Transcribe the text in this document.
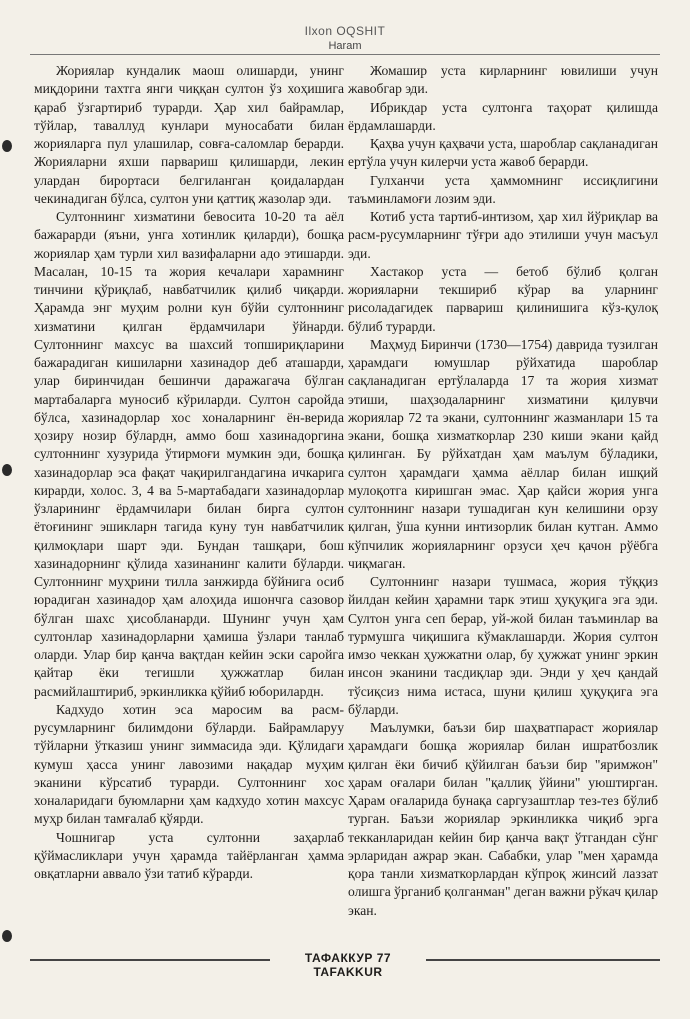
Ilxon OQSHIT
Haram

Жориялар кундалик маош олишарди, унинг миқдорини тахтга янги чиққан султон ўз хоҳишига қараб ўзгартириб турарди. Ҳар хил байрамлар, тўйлар, таваллуд кунлари муносабати билан жорияларга пул улашилар, совға-саломлар берарди. Жорияларни яхши парвариш қилишарди, лекин улардан бирортаси белгиланган қоидалардан чекинадиган бўлса, султон уни қаттиқ жазолар эди.

Султоннинг хизматини бевосита 10-20 та аёл бажарарди (яъни, унга хотинлик қиларди), бошқа жориялар ҳам турли хил вазифаларни адо этишарди. Масалан, 10-15 та жория кечалари харамнинг тинчини қўриқлаб, навбатчилик қилиб чиқарди. Ҳарамда энг муҳим ролни кун бўйи султоннинг хизматини қилган ёрдамчилари ўйнарди. Султоннинг махсус ва шахсий топшириқларини бажарадиган кишиларни хазинадор деб аташарди, улар биринчидан бешинчи даражагача бўлган мартабаларга муносиб кўриларди. Султон саройда бўлса, хазинадорлар хос хоналарнинг ён-верида ҳозиру нозир бўлардн, аммо бош хазинадоргина султоннинг хузурида ўтирмоғи мумкин эди, бошқа хазинадорлар эса фақат чақирилгандагина ичкарига кирарди, холос. 3, 4 ва 5-мартабадаги хазинадорлар ўзларининг ёрдамчилари билан бирга султон ётоғининг эшикларн тагида куну тун навбатчилик қилмоқлари шарт эди. Бундан ташқари, бош хазинадорнинг қўлида хазинанинг калити бўларди. Султоннинг муҳрини тилла занжирда бўйнига осиб юрадиган хазинадор ҳам алоҳида ишончга сазовор бўлган шахс ҳисобланарди. Шунинг учун ҳам султонлар хазинадорларни ҳамиша ўзлари танлаб оларди. Улар бир қанча вақтдан кейин эски саройга қайтар ёки тегишли ҳужжатлар билан расмийлаштириб, эркинликка қўйиб юборилардн.

Кадхудо хотин эса маросим ва расм-русумларнинг билимдони бўларди. Байрамларуу тўйларни ўтказиш унинг зиммасида эди. Қўлидаги кумуш ҳасса унинг лавозими нақадар муҳим эканини кўрсатиб турарди. Султоннинг хос хоналаридаги буюмларни ҳам кадхудо хотин махсус муҳр билан тамғалаб қўярди.

Чошнигар уста султонни заҳарлаб қўймасликлари учун ҳарамда тайёрланган ҳамма овқатларни аввало ўзи татиб кўрарди.

Жомашир уста кирларнинг ювилиши учун жавобгар эди.

Ибрикдар уста султонга таҳорат қилишда ёрдамлашарди.

Қаҳва учун қаҳвачи уста, шароблар сақланадиган ертўла учун килерчи уста жавоб берарди.

Гулханчи уста ҳаммомнинг иссиқлигини таъминламоғи лозим эди.

Котиб уста тартиб-интизом, ҳар хил йўриқлар ва расм-русумларнинг тўғри адо этилиши учун масъул эди.

Хастакор уста — бетоб бўлиб қолган жорияларни текшириб кўрар ва уларнинг рисоладагидек парвариш қилинишига кўз-қулоқ бўлиб турарди.

Маҳмуд Биринчи (1730—1754) даврида тузилган ҳарамдаги юмушлар рўйхатида шароблар сақланадиган ертўлаларда 17 та жория хизмат этиши, шаҳзодаларнинг хизматини қилувчи жориялар 72 та экани, султоннинг жазманлари 15 та экани, бошқа хизматкорлар 230 киши экани қайд қилинган. Бу рўйхатдан ҳам маълум бўладики, султон ҳарамдаги ҳамма аёллар билан ишқий мулоқотга киришган эмас. Ҳар қайси жория унга султоннинг назари тушадиган кун келишини орзу қилган, ўша кунни интизорлик билан кутган. Аммо кўпчилик жорияларнинг орзуси ҳеч қачон рўёбга чиқмаган.

Султоннинг назари тушмаса, жория тўққиз йилдан кейин ҳарамни тарк этиш ҳуқуқига эга эди. Султон унга сеп берар, уй-жой билан таъминлар ва турмушга чиқишига кўмаклашарди. Жория султон имзо чеккан ҳужжатни олар, бу ҳужжат унинг эркин инсон эканини тасдиқлар эди. Энди у ҳеч қандай тўсиқсиз нима истаса, шуни қилиш ҳуқуқига эга бўларди.

Маълумки, баъзи бир шаҳватпараст жориялар ҳарамдаги бошқа жориялар билан ишратбозлик қилган ёки бичиб қўйилган баъзи бир "яримжон" ҳарам оғалари билан "қаллиқ ўйини" уюштирган. Ҳарам оғаларида бунақа саргузаштлар тез-тез бўлиб турган. Баъзи жориялар эркинликка чиқиб эрга текканларидан кейин бир қанча вақт ўтгандан сўнг эрларидан ажрар экан. Сабабки, улар "мен ҳарамда қора танли хизматкорлардан кўпроқ жинсий лаззат олишга ўрганиб қолганман" деган важни рўкач қилар экан.

ТАФАККУР 77 TAFAKKUR
